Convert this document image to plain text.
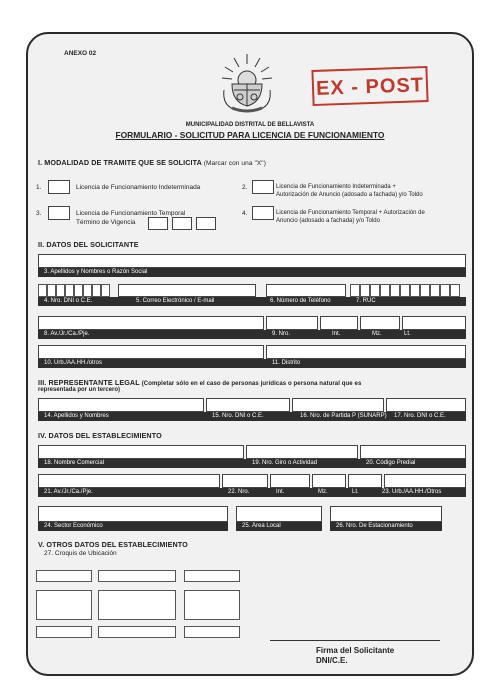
ANEXO 02
EX - POST
MUNICIPALIDAD DISTRITAL DE BELLAVISTA
FORMULARIO - SOLICITUD PARA LICENCIA DE FUNCIONAMIENTO
I. MODALIDAD DE TRAMITE QUE SE SOLICITA (Marcar con una "X")
1.	Licencia de Funcionamiento Indeterminada	2.	Licencia de Funcionamiento Indeterminada +
Autorización de Anuncio (adosado a fachada) y/o Toldo
3.	Licencia de Funcionamiento Temporal
Término de Vigencia
4.	Licencia de Funcionamiento Temporal + Autorización de
Anuncio (adosado a fachada) y/o Toldo
II. DATOS DEL SOLICITANTE
3. Apellidos y Nombres o Razón Social
4. Nro. DNI o C.E.	5. Correo Electrónico / E-mail	6. Número de Teléfono	7. RUC
8. Av./Jr./Ca./Pje.	9. Nro.	Int.	Mz.	Lt.
10. Urb./AA.HH./otros	11. Distrito
III. REPRESENTANTE LEGAL (Completar sólo en el caso de personas jurídicas o persona natural que es
representada por un tercero)
14. Apellidos y Nombres	15. Nro. DNI o C.E.	16. Nro. de Partida P (SUNARP) 17. Nro. DNI o C.E.
IV. DATOS DEL ESTABLECIMIENTO
18. Nombre Comercial	19. Nro. Giro o Actividad	20. Código Predial
21. Av./Jr./Ca./Pje.	22. Nro.	Int.	Mz.	Lt.	23. Urb./AA.HH./Otros
24. Sector Económico	25. Área Local	26. Nro. De Estacionamiento
V. OTROS DATOS DEL ESTABLECIMIENTO
27. Croquis de Ubicación
Firma del Solicitante
DNI/C.E.
